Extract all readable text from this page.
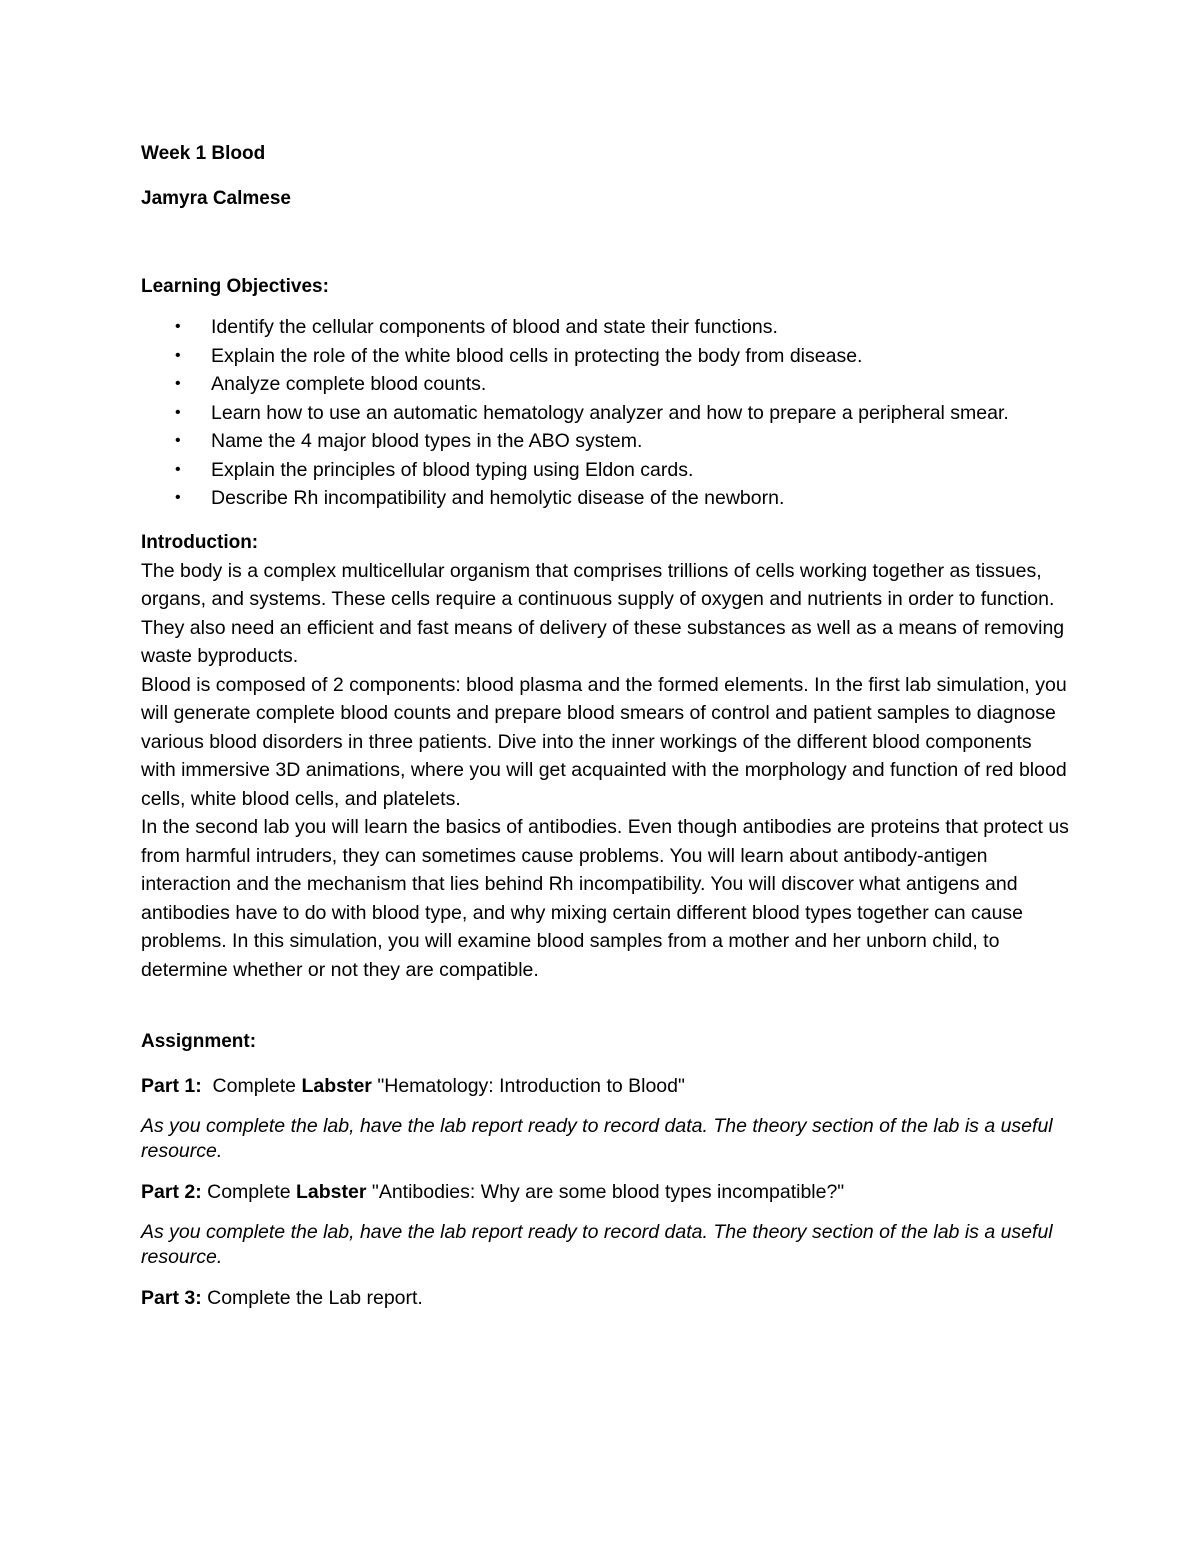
Week 1 Blood
Jamyra Calmese
Learning Objectives:
• Identify the cellular components of blood and state their functions.
• Explain the role of the white blood cells in protecting the body from disease.
• Analyze complete blood counts.
• Learn how to use an automatic hematology analyzer and how to prepare a peripheral smear.
• Name the 4 major blood types in the ABO system.
• Explain the principles of blood typing using Eldon cards.
• Describe Rh incompatibility and hemolytic disease of the newborn.
Introduction:

The body is a complex multicellular organism that comprises trillions of cells working together as tissues, organs, and systems. These cells require a continuous supply of oxygen and nutrients in order to function. They also need an efficient and fast means of delivery of these substances as well as a means of removing waste byproducts.

Blood is composed of 2 components: blood plasma and the formed elements. In the first lab simulation, you will generate complete blood counts and prepare blood smears of control and patient samples to diagnose various blood disorders in three patients. Dive into the inner workings of the different blood components with immersive 3D animations, where you will get acquainted with the morphology and function of red blood cells, white blood cells, and platelets.

In the second lab you will learn the basics of antibodies. Even though antibodies are proteins that protect us from harmful intruders, they can sometimes cause problems. You will learn about antibody-antigen interaction and the mechanism that lies behind Rh incompatibility. You will discover what antigens and antibodies have to do with blood type, and why mixing certain different blood types together can cause problems. In this simulation, you will examine blood samples from a mother and her unborn child, to determine whether or not they are compatible.

Assignment:

Part 1: Complete Labster "Hematology: Introduction to Blood"

As you complete the lab, have the lab report ready to record data. The theory section of the lab is a useful resource.

Part 2: Complete Labster "Antibodies: Why are some blood types incompatible?"

As you complete the lab, have the lab report ready to record data. The theory section of the lab is a useful resource.

Part 3: Complete the Lab report.
